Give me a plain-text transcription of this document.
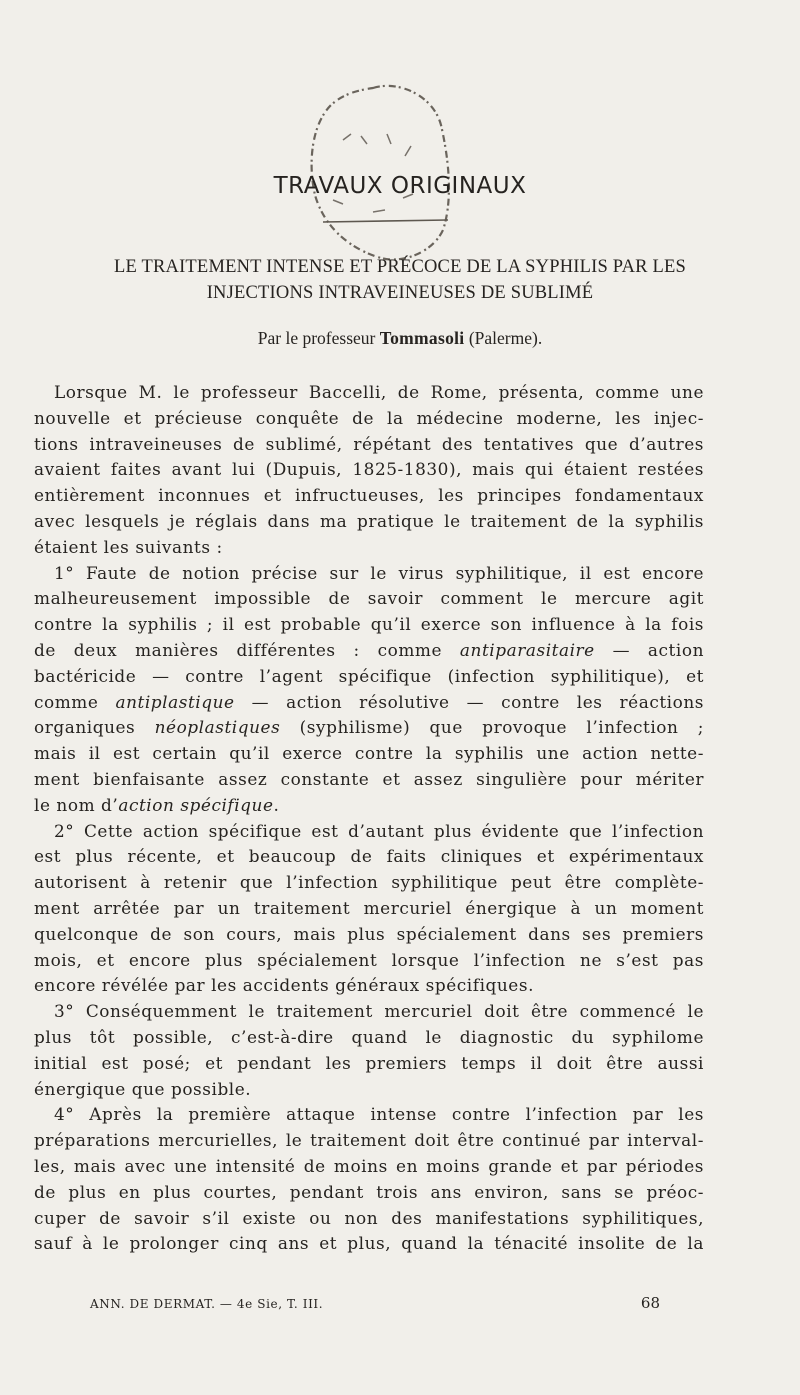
TRAVAUX ORIGINAUX
LE TRAITEMENT INTENSE ET PRÉCOCE DE LA SYPHILIS PAR LES
INJECTIONS INTRAVEINEUSES DE SUBLIMÉ
Par le professeur Tommasoli (Palerme).
Lorsque M. le professeur Baccelli, de Rome, présenta, comme une
nouvelle et précieuse conquête de la médecine moderne, les injec-
tions intraveineuses de sublimé, répétant des tentatives que d’autres
avaient faites avant lui (Dupuis, 1825-1830), mais qui étaient restées
entièrement inconnues et infructueuses, les principes fondamentaux
avec lesquels je réglais dans ma pratique le traitement de la syphilis
étaient les suivants :
1° Faute de notion précise sur le virus syphilitique, il est encore
malheureusement impossible de savoir comment le mercure agit
contre la syphilis ; il est probable qu’il exerce son influence à la fois
de deux manières différentes : comme antiparasitaire — action
bactéricide — contre l’agent spécifique (infection syphilitique), et
comme antiplastique — action résolutive — contre les réactions
organiques néoplastiques (syphilisme) que provoque l’infection ;
mais il est certain qu’il exerce contre la syphilis une action nette-
ment bienfaisante assez constante et assez singulière pour mériter
le nom d’action spécifique.
2° Cette action spécifique est d’autant plus évidente que l’infection
est plus récente, et beaucoup de faits cliniques et expérimentaux
autorisent à retenir que l’infection syphilitique peut être complète-
ment arrêtée par un traitement mercuriel énergique à un moment
quelconque de son cours, mais plus spécialement dans ses premiers
mois, et encore plus spécialement lorsque l’infection ne s’est pas
encore révélée par les accidents généraux spécifiques.
3° Conséquemment le traitement mercuriel doit être commencé le
plus tôt possible, c’est-à-dire quand le diagnostic du syphilome
initial est posé; et pendant les premiers temps il doit être aussi
énergique que possible.
4° Après la première attaque intense contre l’infection par les
préparations mercurielles, le traitement doit être continué par interval-
les, mais avec une intensité de moins en moins grande et par périodes
de plus en plus courtes, pendant trois ans environ, sans se préoc-
cuper de savoir s’il existe ou non des manifestations syphilitiques,
sauf à le prolonger cinq ans et plus, quand la ténacité insolite de la
ANN. DE DERMAT. — 4e Sie, T. III.	68
